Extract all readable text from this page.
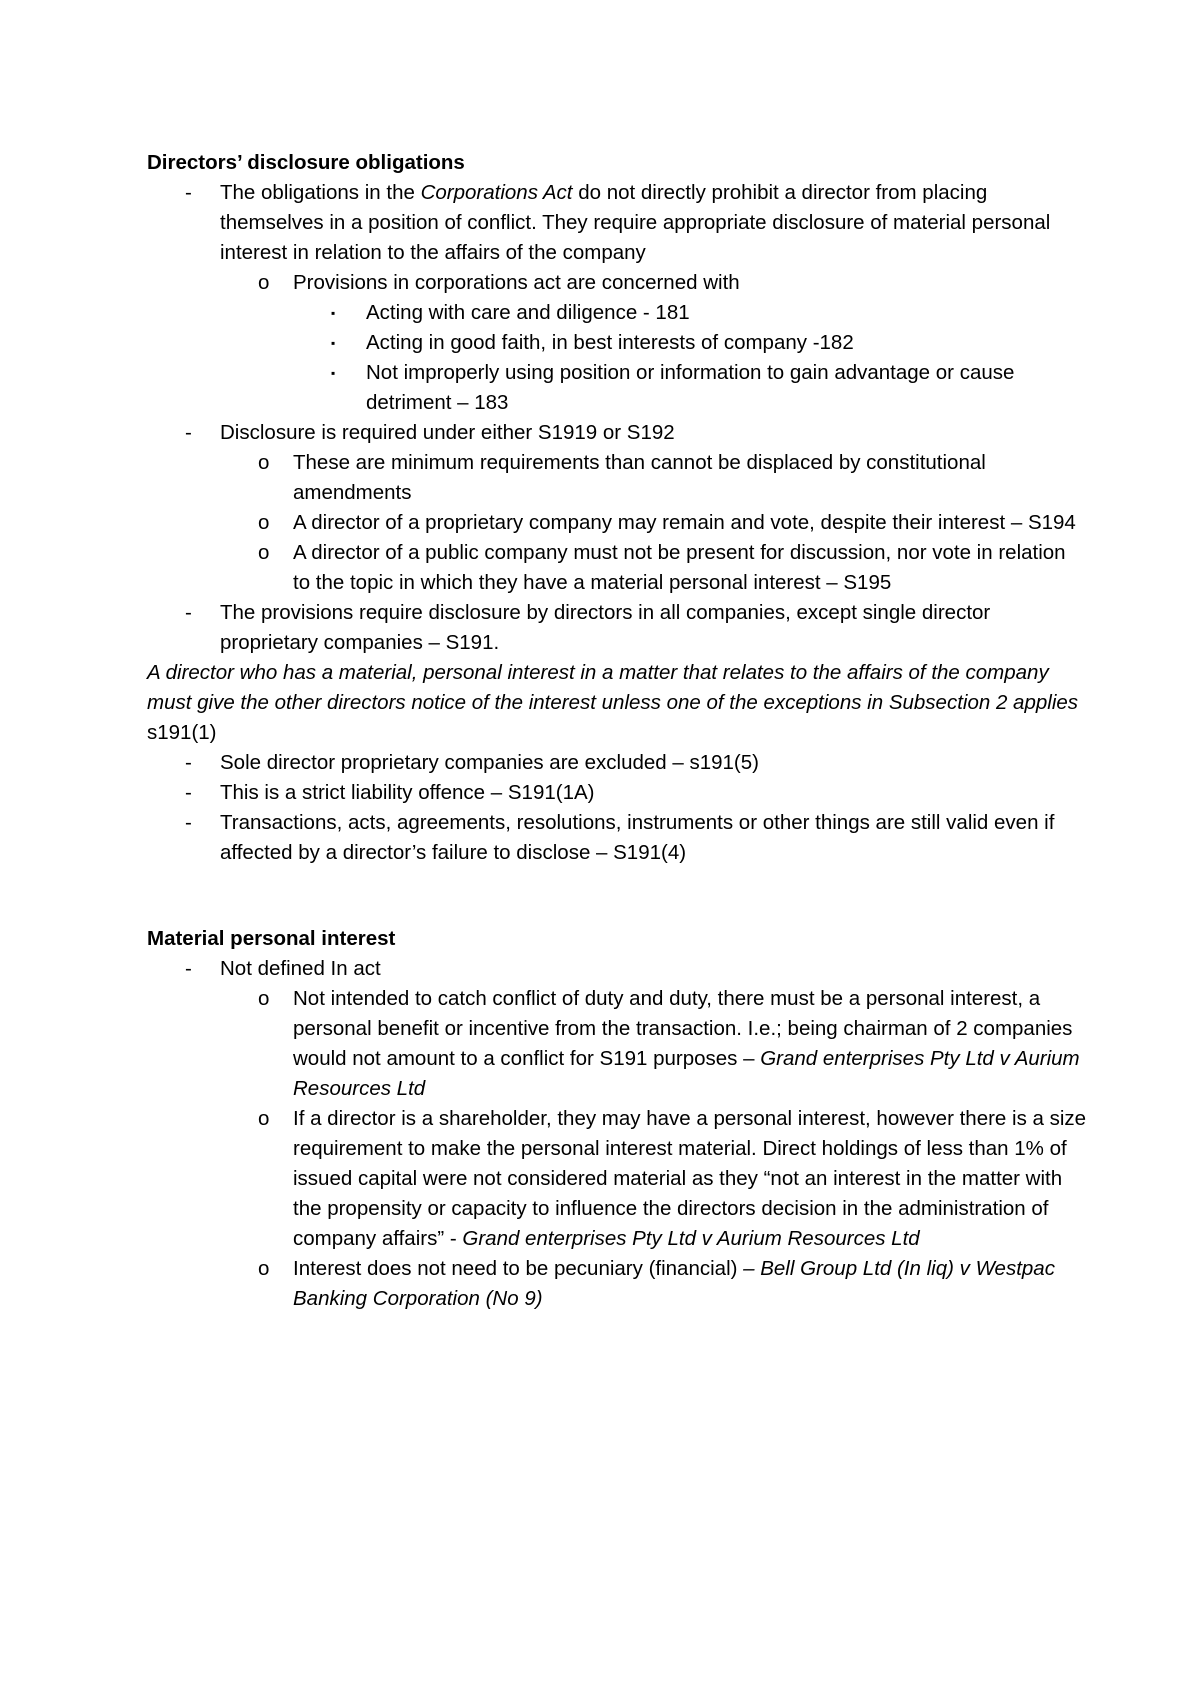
Directors’ disclosure obligations
- The obligations in the Corporations Act do not directly prohibit a director from placing themselves in a position of conflict. They require appropriate disclosure of material personal interest in relation to the affairs of the company
o Provisions in corporations act are concerned with
▪ Acting with care and diligence - 181
▪ Acting in good faith, in best interests of company -182
▪ Not improperly using position or information to gain advantage or cause detriment – 183
- Disclosure is required under either S1919 or S192
o These are minimum requirements than cannot be displaced by constitutional amendments
o A director of a proprietary company may remain and vote, despite their interest – S194
o A director of a public company must not be present for discussion, nor vote in relation to the topic in which they have a material personal interest – S195
- The provisions require disclosure by directors in all companies, except single director proprietary companies – S191.
A director who has a material, personal interest in a matter that relates to the affairs of the company must give the other directors notice of the interest unless one of the exceptions in Subsection 2 applies s191(1)
- Sole director proprietary companies are excluded – s191(5)
- This is a strict liability offence – S191(1A)
- Transactions, acts, agreements, resolutions, instruments or other things are still valid even if affected by a director’s failure to disclose – S191(4)
Material personal interest
- Not defined In act
o Not intended to catch conflict of duty and duty, there must be a personal interest, a personal benefit or incentive from the transaction. I.e.; being chairman of 2 companies would not amount to a conflict for S191 purposes – Grand enterprises Pty Ltd v Aurium Resources Ltd
o If a director is a shareholder, they may have a personal interest, however there is a size requirement to make the personal interest material. Direct holdings of less than 1% of issued capital were not considered material as they “not an interest in the matter with the propensity or capacity to influence the directors decision in the administration of company affairs” - Grand enterprises Pty Ltd v Aurium Resources Ltd
o Interest does not need to be pecuniary (financial) – Bell Group Ltd (In liq) v Westpac Banking Corporation (No 9)
